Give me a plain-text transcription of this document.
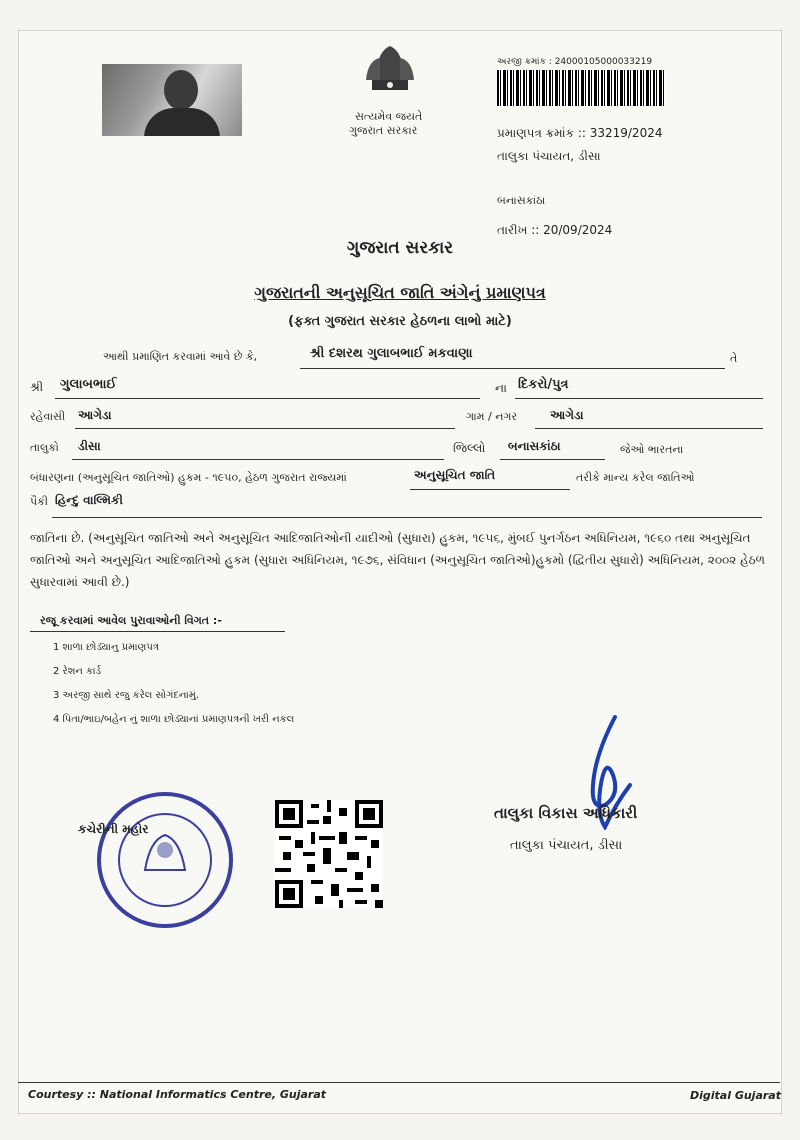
સત્યમેવ જયતે
ગુજરાત સરકાર
અરજી ક્રમાંક : 24000105000033219
પ્રમાણપત્ર ક્રમાંક :: 33219/2024
તાલુકા પંચાયત, ડીસા
બનાસકાંઠા
તારીખ :: 20/09/2024
ગુજરાત સરકાર
ગુજરાતની અનુસૂચિત જાતિ અંગેનું પ્રમાણપત્ર
(ફક્ત ગુજરાત સરકાર હેઠળના લાભો માટે)
આથી પ્રમાણિત કરવામાં આવે છે કે,	શ્રી દશરથ ગુલાબભાઈ મકવાણા	તે
શ્રી ગુલાબભાઈ	ના દિકરો/પુત્ર
રહેવાસી આગેડા	ગામ / નગર	આગેડા
તાલુકો ડીસા	જિલ્લો બનાસકાંઠા	જેઓ ભારતના
બંધારણના (અનુસૂચિત જાતિઓ) હુકમ - ૧૯૫૦, હેઠળ ગુજરાત રાજ્યમાં	અનુસૂચિત જાતિ	તરીકે માન્ય કરેલ જાતિઓ
પૈકી હિન્દુ વાલ્મિકી
જાતિના છે. (અનુસૂચિત જાતિઓ અને અનુસૂચિત આદિજાતિઓની યાદીઓ (સુધારા) હુકમ, ૧૯૫૬, મુંબઈ પુનર્ગઠન અધિનિયમ, ૧૯૬૦ તથા અનુસૂચિત જાતિઓ અને અનુસૂચિત આદિજાતિઓ હુકમ (સુધારા અધિનિયમ, ૧૯૭૬, સંવિધાન (અનુસૂચિત જાતિઓ)હુકમો (દ્વિતીય સુધારો) અધિનિયમ, ૨૦૦૨ હેઠળ સુધારવામાં આવી છે.)
રજૂ કરવામાં આવેલ પુરાવાઓની વિગત :-
1 શાળા છોડ્યાનુ પ્રમાણપત્ર
2 રેશન કાર્ડ
3 અરજી સાથે રજુ કરેલ સોગંદનામું.
4 પિતા/ભાઇ/બહેન નું શાળા છોડ્યાનાં પ્રમાણપત્રની ખરી નકલ
કચેરીની મહોર
તાલુકા વિકાસ અધિકારી
તાલુકા પંચાયત, ડીસા
Courtesy :: National Informatics Centre, Gujarat	Digital Gujarat
